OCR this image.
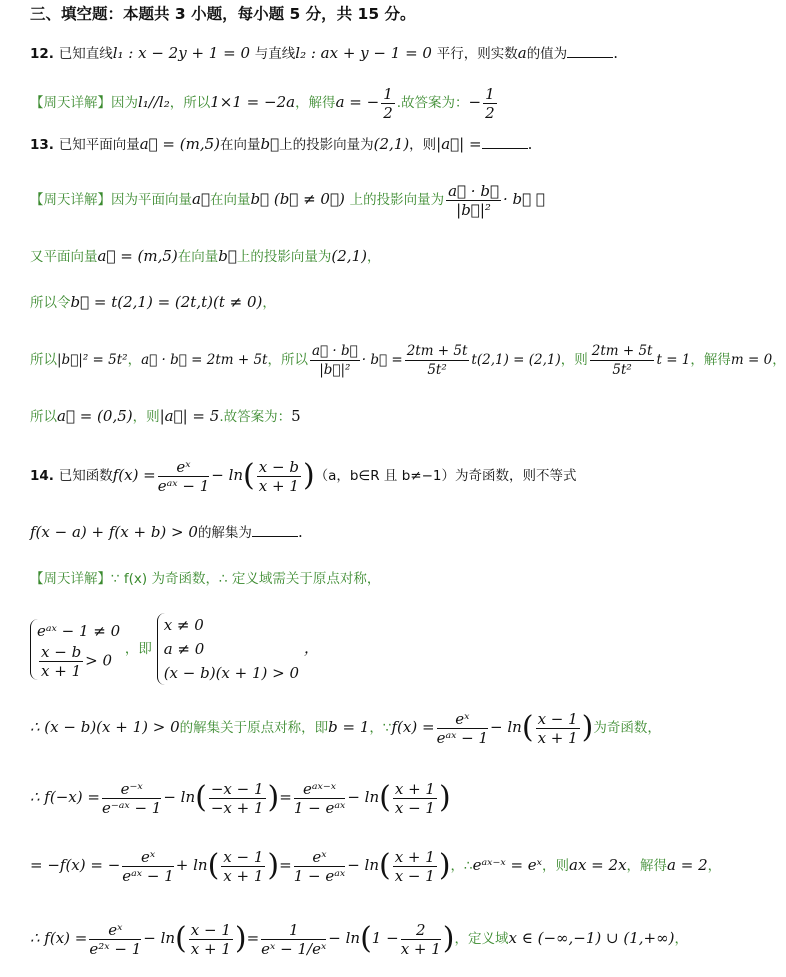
三、填空题：本题共 3 小题，每小题 5 分，共 15 分。
12. 已知直线l₁ : x − 2y + 1 = 0 与直线l₂ : ax + y − 1 = 0 平行，则实数a的值为	.
【周天详解】因为l₁//l₂，所以1×1 = −2a，解得a = − $\frac{1}{2}$ .故答案为：− $\frac{1}{2}$
13. 已知平面向量a⃗ = (m,5)在向量b⃗上的投影向量为(2,1)，则|a⃗| =	.
【周天详解】因为平面向量a⃗在向量b⃗ (b⃗ ≠ 0⃗) 上的投影向量为 $\frac{a⃗ \cdot b⃗}{\text{|b⃗|²}}$ · b⃗ ，
又平面向量a⃗ = (m,5)在向量b⃗上的投影向量为(2,1)，
所以令b⃗ = t(2,1) = (2t,t)(t ≠ 0)，
所以|b⃗|² = 5t²，a⃗ · b⃗ = 2tm + 5t，所以 $\frac{a⃗ \cdot b⃗}{\text{|b⃗|²}}$ · b⃗ = $\frac{2tm + 5t}{\text{5t²}} t(2,1) = (2,1)$，则 $\frac{2tm + 5t}{\text{5t²}}$ t = 1，解得m = 0，
所以a⃗ = (0,5)，则|a⃗| = 5.故答案为：5
14. 已知函数$f(x) = \frac{\text{eˣ}}{\text{eᵃˣ − 1}} - \ln( \frac{x - b}{x + 1} )(a$，b∈R 且 b≠−1）为奇函数，则不等式
f(x − a) + f(x + b) > 0的解集为	.
【周天详解】∵ f(x) 为奇函数，∴ 定义域需关于原点对称，
eᵃˣ − 1 ≠ 0
$\frac{x - b}{x + 1} > 0$
，即
x ≠ 0
a ≠ 0
(x − b)(x + 1) > 0
，
∴ (x − b)(x + 1) > 0的解集关于原点对称，即b = 1，∵f(x) = $\frac{\text{eˣ}}{\text{eᵃˣ − 1}} - \ln( \frac{x - 1}{x + 1}$ )为奇函数，
∴ $f(-x) = \frac{\text{e⁻ˣ}}{\text{e⁻ᵃˣ − 1}} - \ln( \frac{-x - 1}{-x + 1}$ )= $\frac{\text{eᵃˣ⁻ˣ}}{\text{1 − eᵃˣ}} - \ln( \frac{x + 1}{x - 1}$ )
= −f(x) = − $\frac{\text{eˣ}}{\text{eᵃˣ − 1}} + \ln( \frac{x - 1}{x + 1}$ )= $\frac{\text{eˣ}}{\text{1 − eᵃˣ}} - \ln( \frac{x + 1}{x - 1}$ )，∴eᵃˣ⁻ˣ = eˣ，则ax = 2x，解得a = 2，
∴ $f(x) = \frac{\text{eˣ}}{\text{e²ˣ − 1}} - \ln( \frac{x - 1}{x + 1}$ )= $\frac{1}{\text{eˣ − 1/eˣ}} - \ln(1 - \frac{2}{x + 1}$ )，定义域x ∈ (−∞,−1) ∪ (1,+∞)，
